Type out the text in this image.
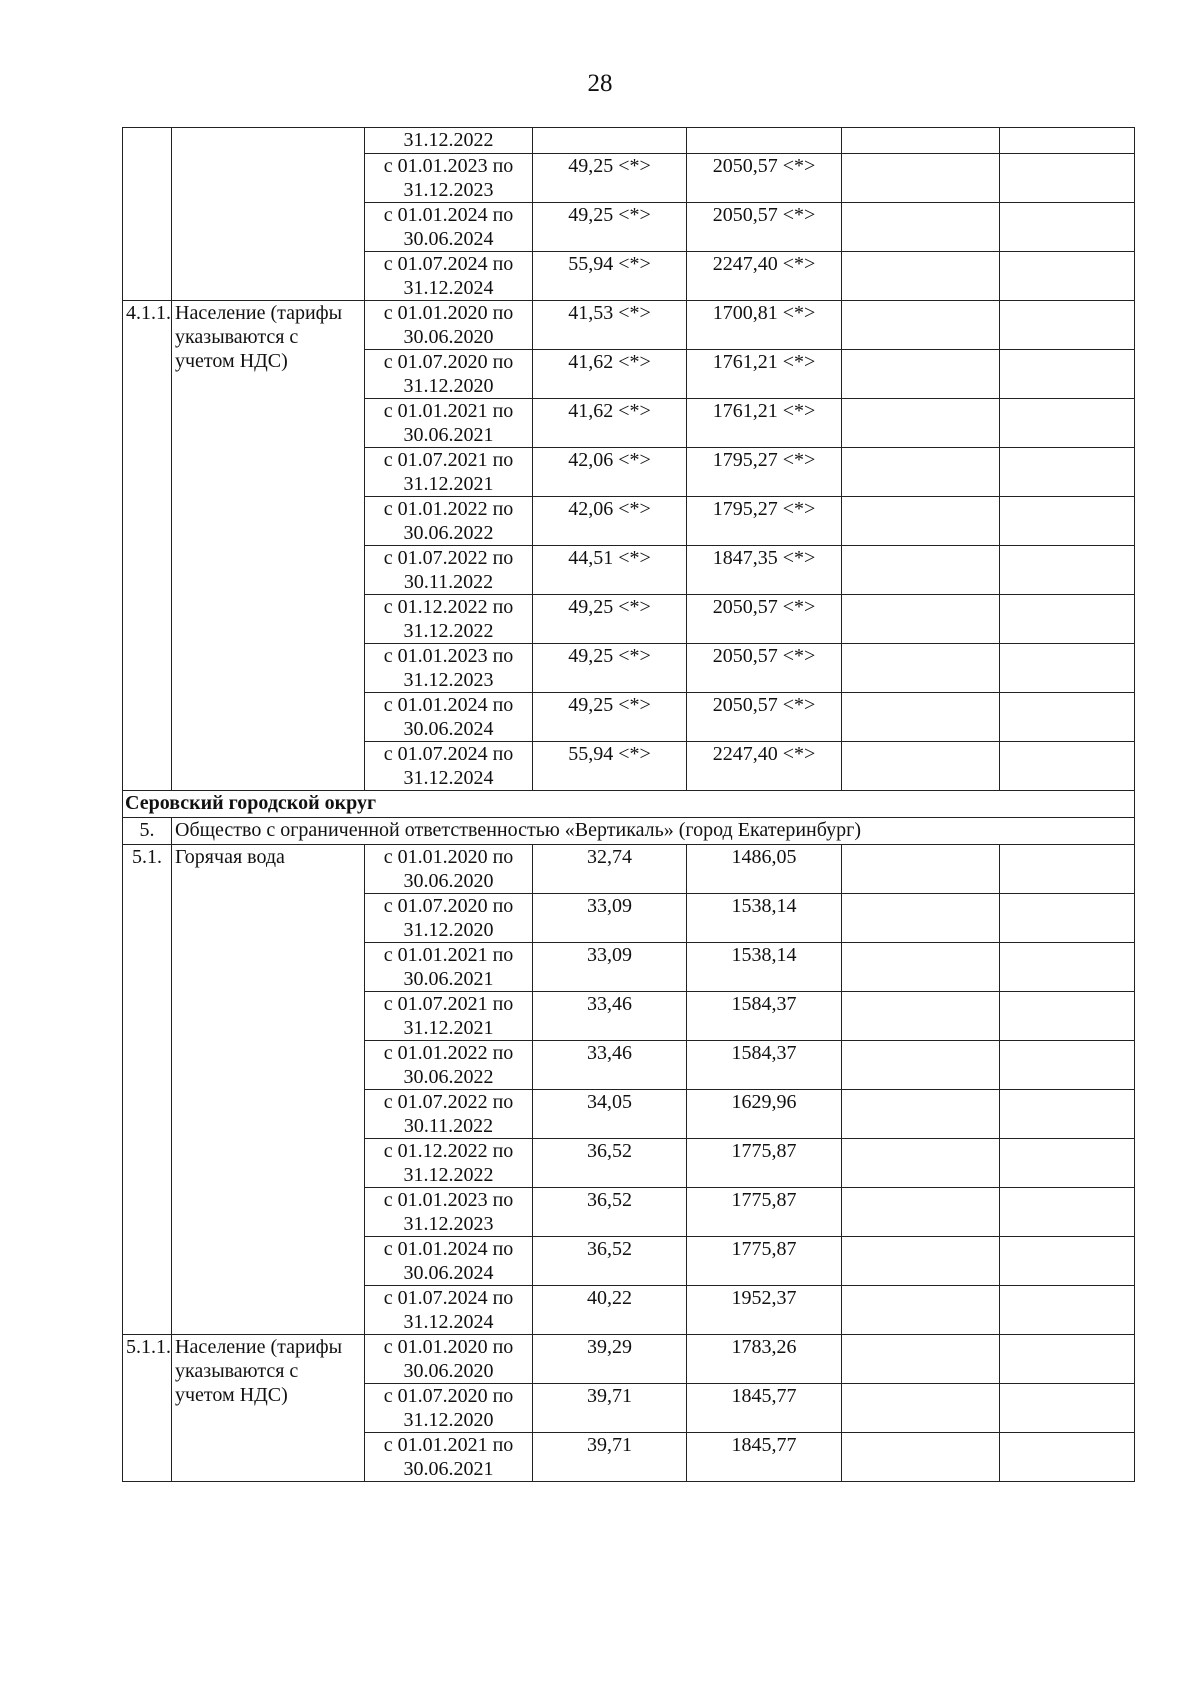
28
		31.12.2022				
		с 01.01.2023 по 31.12.2023	49,25 <*>	2050,57 <*>		
		с 01.01.2024 по 30.06.2024	49,25 <*>	2050,57 <*>		
		с 01.07.2024 по 31.12.2024	55,94 <*>	2247,40 <*>		
4.1.1.	Население (тарифы указываются с учетом НДС)	с 01.01.2020 по 30.06.2020	41,53 <*>	1700,81 <*>		
		с 01.07.2020 по 31.12.2020	41,62 <*>	1761,21 <*>		
		с 01.01.2021 по 30.06.2021	41,62 <*>	1761,21 <*>		
		с 01.07.2021 по 31.12.2021	42,06 <*>	1795,27 <*>		
		с 01.01.2022 по 30.06.2022	42,06 <*>	1795,27 <*>		
		с 01.07.2022 по 30.11.2022	44,51 <*>	1847,35 <*>		
		с 01.12.2022 по 31.12.2022	49,25 <*>	2050,57 <*>		
		с 01.01.2023 по 31.12.2023	49,25 <*>	2050,57 <*>		
		с 01.01.2024 по 30.06.2024	49,25 <*>	2050,57 <*>		
		с 01.07.2024 по 31.12.2024	55,94 <*>	2247,40 <*>		
Серовский городской округ						
5.	Общество с ограниченной ответственностью «Вертикаль» (город Екатеринбург)					
5.1.	Горячая вода	с 01.01.2020 по 30.06.2020	32,74	1486,05		
		с 01.07.2020 по 31.12.2020	33,09	1538,14		
		с 01.01.2021 по 30.06.2021	33,09	1538,14		
		с 01.07.2021 по 31.12.2021	33,46	1584,37		
		с 01.01.2022 по 30.06.2022	33,46	1584,37		
		с 01.07.2022 по 30.11.2022	34,05	1629,96		
		с 01.12.2022 по 31.12.2022	36,52	1775,87		
		с 01.01.2023 по 31.12.2023	36,52	1775,87		
		с 01.01.2024 по 30.06.2024	36,52	1775,87		
		с 01.07.2024 по 31.12.2024	40,22	1952,37		
5.1.1.	Население (тарифы указываются с учетом НДС)	с 01.01.2020 по 30.06.2020	39,29	1783,26		
		с 01.07.2020 по 31.12.2020	39,71	1845,77		
		с 01.01.2021 по 30.06.2021	39,71	1845,77		
